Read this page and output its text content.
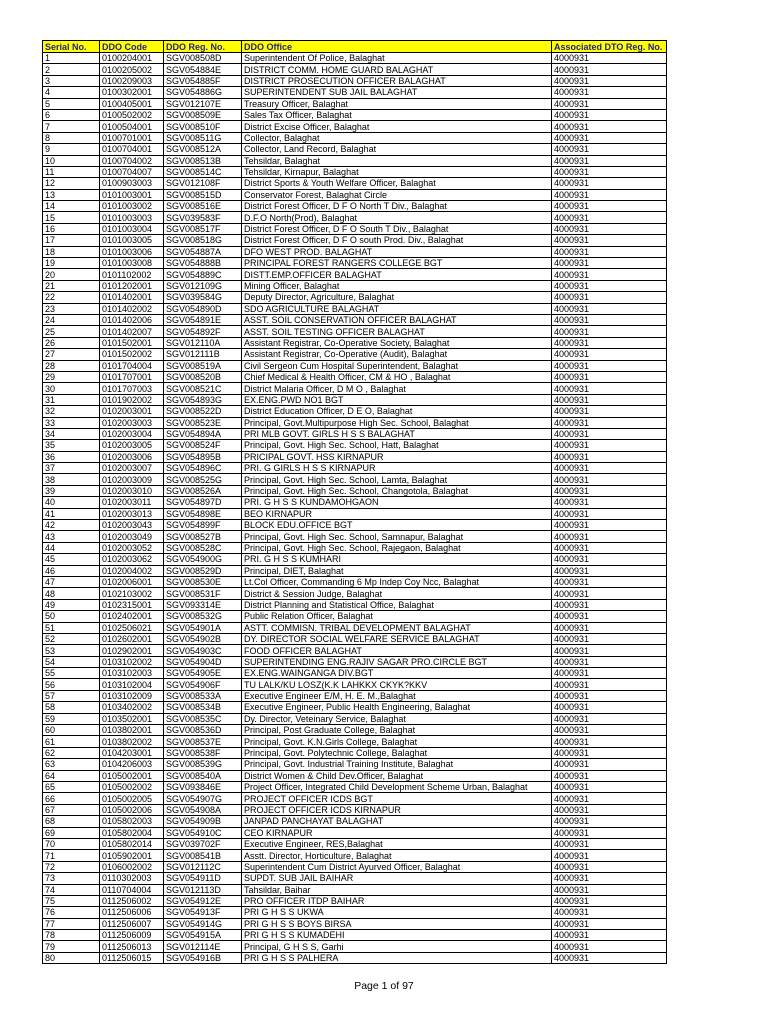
Serial No.	DDO Code	DDO Reg. No.	DDO Office	Associated DTO Reg. No.
1	0100204001	SGV008508D	Superintendent Of Police, Balaghat	4000931
2	0100205002	SGV054884E	DISTRICT COMM. HOME GUARD BALAGHAT	4000931
3	0100209003	SGV054885F	DISTRICT PROSECUTION OFFICER BALAGHAT	4000931
4	0100302001	SGV054886G	SUPERINTENDENT SUB JAIL BALAGHAT	4000931
5	0100405001	SGV012107E	Treasury Officer, Balaghat	4000931
6	0100502002	SGV008509E	Sales Tax Officer, Balaghat	4000931
7	0100504001	SGV008510F	District Excise Officer, Balaghat	4000931
8	0100701001	SGV008511G	Collector, Balaghat	4000931
9	0100704001	SGV008512A	Collector, Land Record, Balaghat	4000931
10	0100704002	SGV008513B	Tehsildar, Balaghat	4000931
11	0100704007	SGV008514C	Tehsildar, Kirnapur, Balaghat	4000931
12	0100903003	SGV012108F	District Sports & Youth Welfare Officer, Balaghat	4000931
13	0101003001	SGV008515D	Conservator Forest, Balaghat Circle	4000931
14	0101003002	SGV008516E	District Forest Officer, D F O North T Div., Balaghat	4000931
15	0101003003	SGV039583F	D.F.O North(Prod), Balaghat	4000931
16	0101003004	SGV008517F	District Forest Officer, D F O South T Div., Balaghat	4000931
17	0101003005	SGV008518G	District Forest Officer, D F O south Prod. Div., Balaghat	4000931
18	0101003006	SGV054887A	DFO WEST PROD. BALAGHAT	4000931
19	0101003008	SGV054888B	PRINCIPAL FOREST RANGERS COLLEGE BGT	4000931
20	0101102002	SGV054889C	DISTT.EMP.OFFICER BALAGHAT	4000931
21	0101202001	SGV012109G	Mining Officer, Balaghat	4000931
22	0101402001	SGV039584G	Deputy Director, Agriculture, Balaghat	4000931
23	0101402002	SGV054890D	SDO AGRICULTURE BALAGHAT	4000931
24	0101402006	SGV054891E	ASST. SOIL CONSERVATION OFFICER BALAGHAT	4000931
25	0101402007	SGV054892F	ASST. SOIL TESTING OFFICER BALAGHAT	4000931
26	0101502001	SGV012110A	Assistant Registrar, Co-Operative Society, Balaghat	4000931
27	0101502002	SGV012111B	Assistant Registrar, Co-Operative (Audit), Balaghat	4000931
28	0101704004	SGV008519A	Civil Sergeon Cum Hospital Superintendent, Balaghat	4000931
29	0101707001	SGV008520B	Chief Medical & Health Officer, CM & HO , Balaghat	4000931
30	0101707003	SGV008521C	District Malaria Officer, D M O , Balaghat	4000931
31	0101902002	SGV054893G	EX.ENG.PWD NO1 BGT	4000931
32	0102003001	SGV008522D	District Education Officer, D E O, Balaghat	4000931
33	0102003003	SGV008523E	Principal, Govt.Multipurpose High Sec. School, Balaghat	4000931
34	0102003004	SGV054894A	PRI MLB GOVT. GIRLS H S S BALAGHAT	4000931
35	0102003005	SGV008524F	Principal, Govt. High Sec. School, Hatt, Balaghat	4000931
36	0102003006	SGV054895B	PRICIPAL GOVT. HSS KIRNAPUR	4000931
37	0102003007	SGV054896C	PRI. G GIRLS H S S KIRNAPUR	4000931
38	0102003009	SGV008525G	Principal, Govt. High Sec. School, Lamta, Balaghat	4000931
39	0102003010	SGV008526A	Principal, Govt. High Sec. School, Changotola, Balaghat	4000931
40	0102003011	SGV054897D	PRI. G H S S KUNDAMOHGAON	4000931
41	0102003013	SGV054898E	BEO KIRNAPUR	4000931
42	0102003043	SGV054899F	BLOCK EDU.OFFICE BGT	4000931
43	0102003049	SGV008527B	Principal, Govt. High Sec. School, Samnapur, Balaghat	4000931
44	0102003052	SGV008528C	Principal, Govt. High Sec. School, Rajegaon, Balaghat	4000931
45	0102003062	SGV054900G	PRI. G H S S KUMHARI	4000931
46	0102004002	SGV008529D	Principal, DIET, Balaghat	4000931
47	0102006001	SGV008530E	Lt.Col Officer, Commanding 6 Mp Indep Coy Ncc, Balaghat	4000931
48	0102103002	SGV008531F	District & Session Judge, Balaghat	4000931
49	0102315001	SGV093314E	District Planning and Statistical Office, Balaghat	4000931
50	0102402001	SGV008532G	Public Relation Officer, Balaghat	4000931
51	0102506021	SGV054901A	ASTT. COMMISN. TRIBAL DEVELOPMENT BALAGHAT	4000931
52	0102602001	SGV054902B	DY. DIRECTOR SOCIAL WELFARE SERVICE BALAGHAT	4000931
53	0102902001	SGV054903C	FOOD OFFICER BALAGHAT	4000931
54	0103102002	SGV054904D	SUPERINTENDING ENG.RAJIV SAGAR PRO.CIRCLE BGT	4000931
55	0103102003	SGV054905E	EX.ENG.WAINGANGA DIV.BGT	4000931
56	0103102004	SGV054906F	TU LALK/KU LOSZ(K.K LAHKKX CKYK?KKV	4000931
57	0103102009	SGV008533A	Executive Engineer E/M, H. E. M.,Balaghat	4000931
58	0103402002	SGV008534B	Executive Engineer, Public Health Engineering, Balaghat	4000931
59	0103502001	SGV008535C	Dy. Director, Veteinary Service, Balaghat	4000931
60	0103802001	SGV008536D	Principal, Post Graduate College, Balaghat	4000931
61	0103802002	SGV008537E	Principal, Govt. K.N.Girls College, Balaghat	4000931
62	0104203001	SGV008538F	Principal, Govt. Polytechnic College, Balaghat	4000931
63	0104206003	SGV008539G	Principal, Govt. Industrial Training Institute, Balaghat	4000931
64	0105002001	SGV008540A	District Women & Child Dev.Officer, Balaghat	4000931
65	0105002002	SGV093846E	Project Officer, Integrated Child Development Scheme Urban, Balaghat	4000931
66	0105002005	SGV054907G	PROJECT OFFICER ICDS BGT	4000931
67	0105002006	SGV054908A	PROJECT OFFICER ICDS KIRNAPUR	4000931
68	0105802003	SGV054909B	JANPAD PANCHAYAT BALAGHAT	4000931
69	0105802004	SGV054910C	CEO KIRNAPUR	4000931
70	0105802014	SGV039702F	Executive Engineer, RES,Balaghat	4000931
71	0105902001	SGV008541B	Asstt. Director, Horticulture, Balaghat	4000931
72	0106002002	SGV012112C	Superintendent Cum District Ayurved Officer, Balaghat	4000931
73	0110302003	SGV054911D	SUPDT. SUB JAIL BAIHAR	4000931
74	0110704004	SGV012113D	Tahsildar, Baihar	4000931
75	0112506002	SGV054912E	PRO OFFICER ITDP BAIHAR	4000931
76	0112506006	SGV054913F	PRI G H S S UKWA	4000931
77	0112506007	SGV054914G	PRI G H S S BOYS BIRSA	4000931
78	0112506009	SGV054915A	PRI G H S S KUMADEHI	4000931
79	0112506013	SGV012114E	Principal, G H S S, Garhi	4000931
80	0112506015	SGV054916B	PRI G H S S PALHERA	4000931
Page 1 of 97
